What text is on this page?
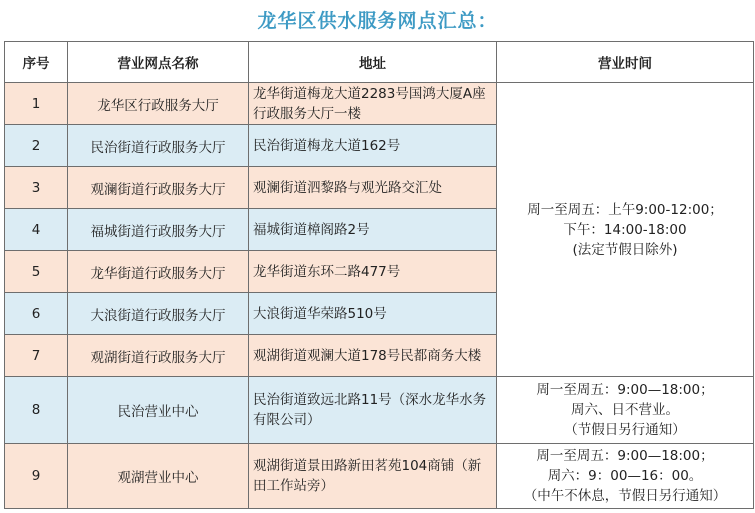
龙华区供水服务网点汇总：
序号	营业网点名称	地址	营业时间
1	龙华区行政服务大厅	龙华街道梅龙大道2283号国鸿大厦A座行政服务大厅一楼	周一至周五：上午9:00-12:00；
下午：14:00-18:00
(法定节假日除外)

2	民治街道行政服务大厅	民治街道梅龙大道162号	
3	观澜街道行政服务大厅	观澜街道泗黎路与观光路交汇处	
4	福城街道行政服务大厅	福城街道樟阁路2号	
5	龙华街道行政服务大厅	龙华街道东环二路477号	
6	大浪街道行政服务大厅	大浪街道华荣路510号	
7	观湖街道行政服务大厅	观湖街道观澜大道178号民都商务大楼	
8	民治营业中心	民治街道致远北路11号（深水龙华水务有限公司）	周一至周五：9:00—18:00；
周六、日不营业。
（节假日另行通知）

9	观湖营业中心	观湖街道景田路新田茗苑104商铺（新田工作站旁）	周一至周五：9:00—18:00；
周六：9：00—16：00。
（中午不休息，节假日另行通知）
